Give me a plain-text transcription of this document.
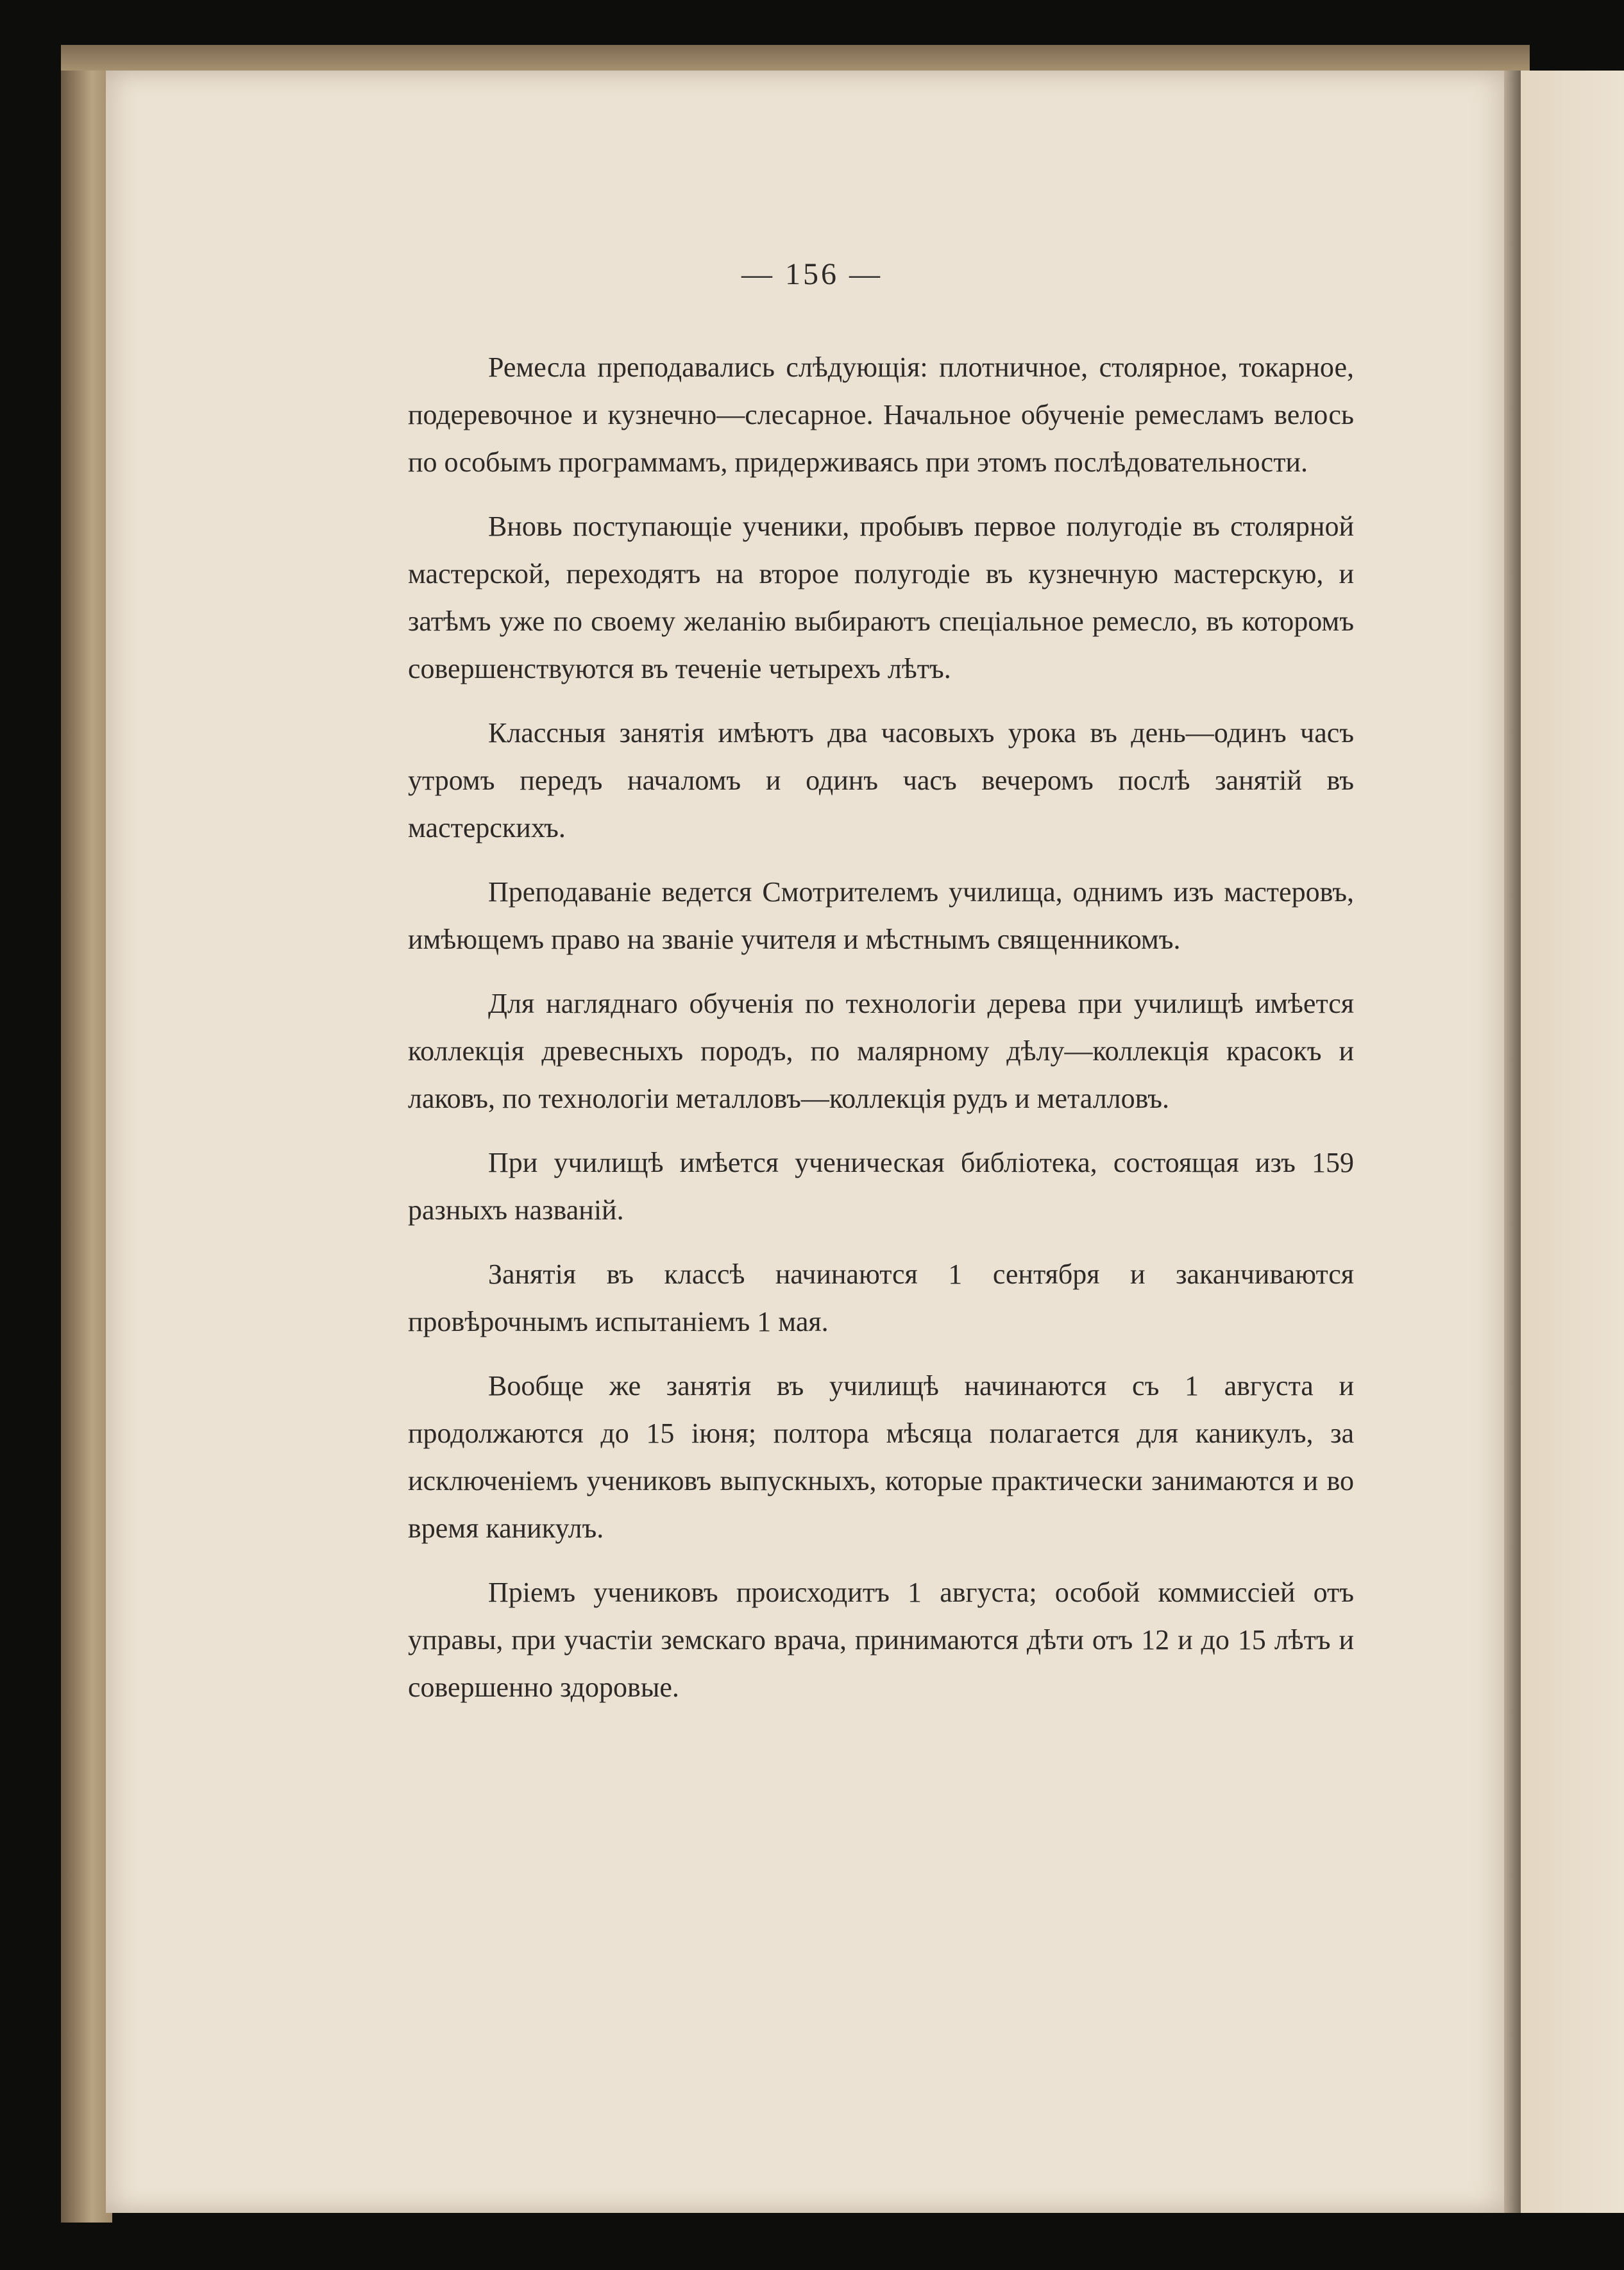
— 156 —

Ремесла преподавались слѣдующія: плотничное, столярное, токарное, подеревочное и кузнечно—слесарное. Начальное обученіе ремесламъ велось по особымъ программамъ, придерживаясь при этомъ послѣдовательности.

Вновь поступающіе ученики, пробывъ первое полугодіе въ столярной мастерской, переходятъ на второе полугодіе въ кузнечную мастерскую, и затѣмъ уже по своему желанію выбираютъ спеціальное ремесло, въ которомъ совершенствуются въ теченіе четырехъ лѣтъ.

Классныя занятія имѣютъ два часовыхъ урока въ день—одинъ часъ утромъ передъ началомъ и одинъ часъ вечеромъ послѣ занятій въ мастерскихъ.

Преподаваніе ведется Смотрителемъ училища, однимъ изъ мастеровъ, имѣющемъ право на званіе учителя и мѣстнымъ священникомъ.

Для нагляднаго обученія по технологіи дерева при училищѣ имѣется коллекція древесныхъ породъ, по малярному дѣлу—коллекція красокъ и лаковъ, по технологіи металловъ—коллекція рудъ и металловъ.

При училищѣ имѣется ученическая библіотека, состоящая изъ 159 разныхъ названій.

Занятія въ классѣ начинаются 1 сентября и заканчиваются провѣрочнымъ испытаніемъ 1 мая.

Вообще же занятія въ училищѣ начинаются съ 1 августа и продолжаются до 15 іюня; полтора мѣсяца полагается для каникулъ, за исключеніемъ учениковъ выпускныхъ, которые практически занимаются и во время каникулъ.

Пріемъ учениковъ происходитъ 1 августа; особой коммиссіей отъ управы, при участіи земскаго врача, принимаются дѣти отъ 12 и до 15 лѣтъ и совершенно здоровые.
